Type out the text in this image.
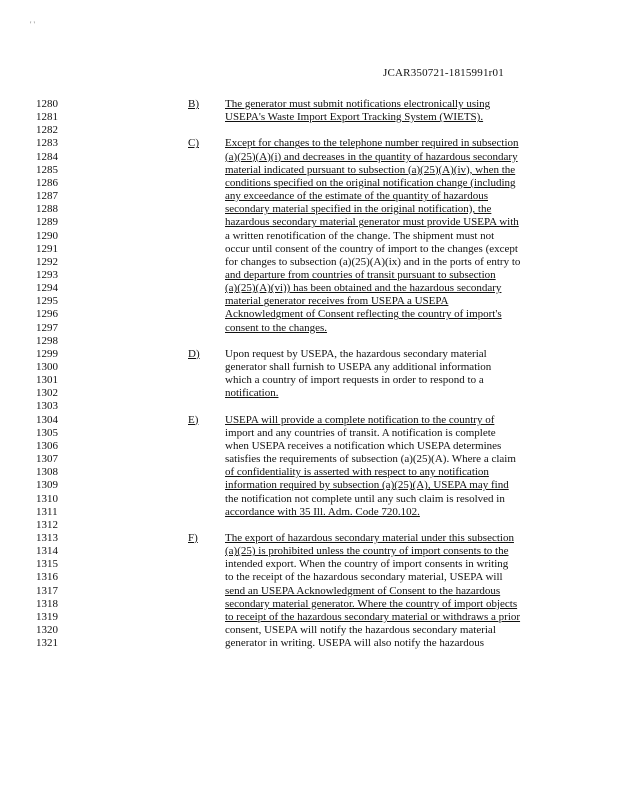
' '
JCAR350721-1815991r01
1280
1281
1282
1283
1284
1285
1286
1287
1288
1289
1290
1291
1292
1293
1294
1295
1296
1297
1298
1299
1300
1301
1302
1303
1304
1305
1306
1307
1308
1309
1310
1311
1312
1313
1314
1315
1316
1317
1318
1319
1320
1321
B) The generator must submit notifications electronically using
USEPA's Waste Import Export Tracking System (WIETS).
C) Except for changes to the telephone number required in subsection
(a)(25)(A)(i) and decreases in the quantity of hazardous secondary
material indicated pursuant to subsection (a)(25)(A)(iv), when the
conditions specified on the original notification change (including
any exceedance of the estimate of the quantity of hazardous
secondary material specified in the original notification), the
hazardous secondary material generator must provide USEPA with
a written renotification of the change. The shipment must not
occur until consent of the country of import to the changes (except
for changes to subsection (a)(25)(A)(ix) and in the ports of entry to
and departure from countries of transit pursuant to subsection
(a)(25)(A)(vi)) has been obtained and the hazardous secondary
material generator receives from USEPA a USEPA
Acknowledgment of Consent reflecting the country of import's
consent to the changes.
D) Upon request by USEPA, the hazardous secondary material
generator shall furnish to USEPA any additional information
which a country of import requests in order to respond to a
notification.
E) USEPA will provide a complete notification to the country of
import and any countries of transit. A notification is complete
when USEPA receives a notification which USEPA determines
satisfies the requirements of subsection (a)(25)(A). Where a claim
of confidentiality is asserted with respect to any notification
information required by subsection (a)(25)(A), USEPA may find
the notification not complete until any such claim is resolved in
accordance with 35 Ill. Adm. Code 720.102.
F) The export of hazardous secondary material under this subsection
(a)(25) is prohibited unless the country of import consents to the
intended export. When the country of import consents in writing
to the receipt of the hazardous secondary material, USEPA will
send an USEPA Acknowledgment of Consent to the hazardous
secondary material generator. Where the country of import objects
to receipt of the hazardous secondary material or withdraws a prior
consent, USEPA will notify the hazardous secondary material
generator in writing. USEPA will also notify the hazardous
